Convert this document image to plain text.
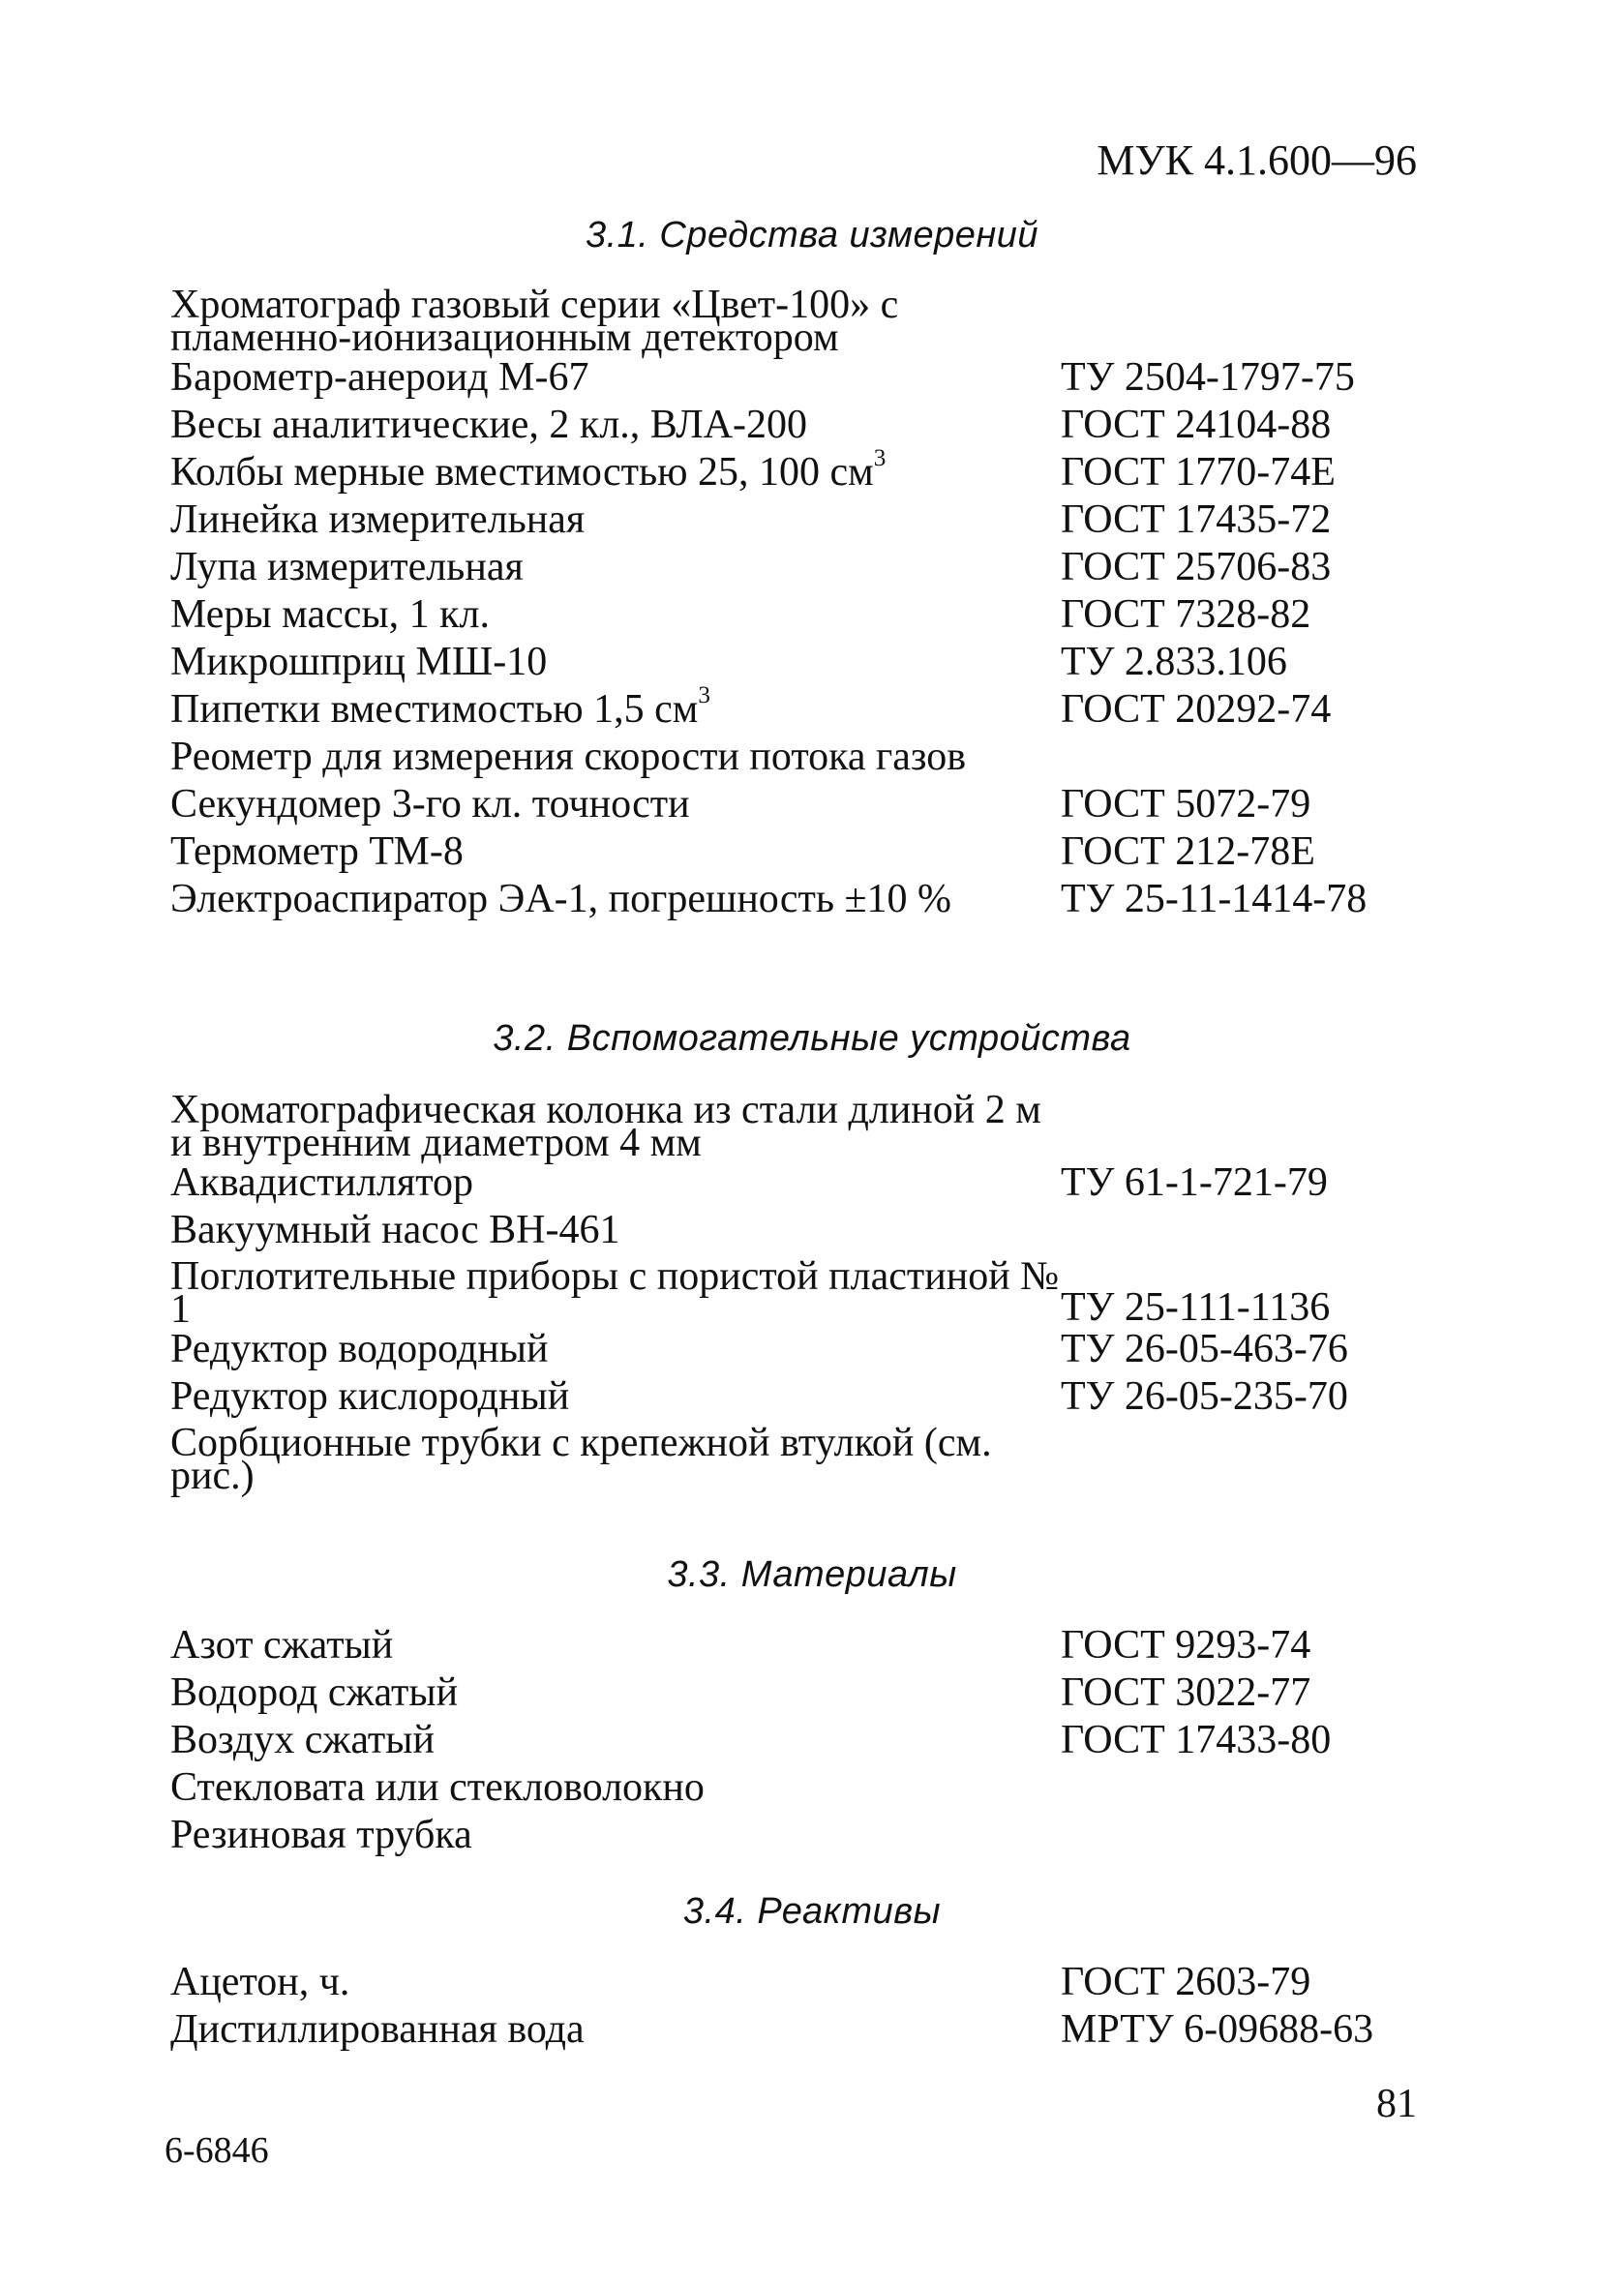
МУК 4.1.600—96
3.1. Средства измерений
Хроматограф газовый серии «Цвет-100» с пламенно-ионизационным детектором
Барометр-анероид М-67	ТУ 2504-1797-75
Весы аналитические, 2 кл., ВЛА-200	ГОСТ 24104-88
Колбы мерные вместимостью 25, 100 $см^3$	ГОСТ 1770-74Е
Линейка измерительная	ГОСТ 17435-72
Лупа измерительная	ГОСТ 25706-83
Меры массы, 1 кл.	ГОСТ 7328-82
Микрошприц МШ-10	ТУ 2.833.106
Пипетки вместимостью 1,5 $см^3$	ГОСТ 20292-74
Реометр для измерения скорости потока газов
Секундомер 3-го кл. точности	ГОСТ 5072-79
Термометр ТМ-8	ГОСТ 212-78Е
Электроаспиратор ЭА-1, погрешность ±10 %	ТУ 25-11-1414-78
3.2. Вспомогательные устройства
Хроматографическая колонка из стали длиной 2 м и внутренним диаметром 4 мм
Аквадистиллятор	ТУ 61-1-721-79
Вакуумный насос ВН-461
Поглотительные приборы с пористой пластиной № 1	ТУ 25-111-1136
Редуктор водородный	ТУ 26-05-463-76
Редуктор кислородный	ТУ 26-05-235-70
Сорбционные трубки с крепежной втулкой (см. рис.)
3.3. Материалы
Азот сжатый	ГОСТ 9293-74
Водород сжатый	ГОСТ 3022-77
Воздух сжатый	ГОСТ 17433-80
Стекловата или стекловолокно
Резиновая трубка
3.4. Реактивы
Ацетон, ч.	ГОСТ 2603-79
Дистиллированная вода	МРТУ 6-09688-63
81
6-6846
